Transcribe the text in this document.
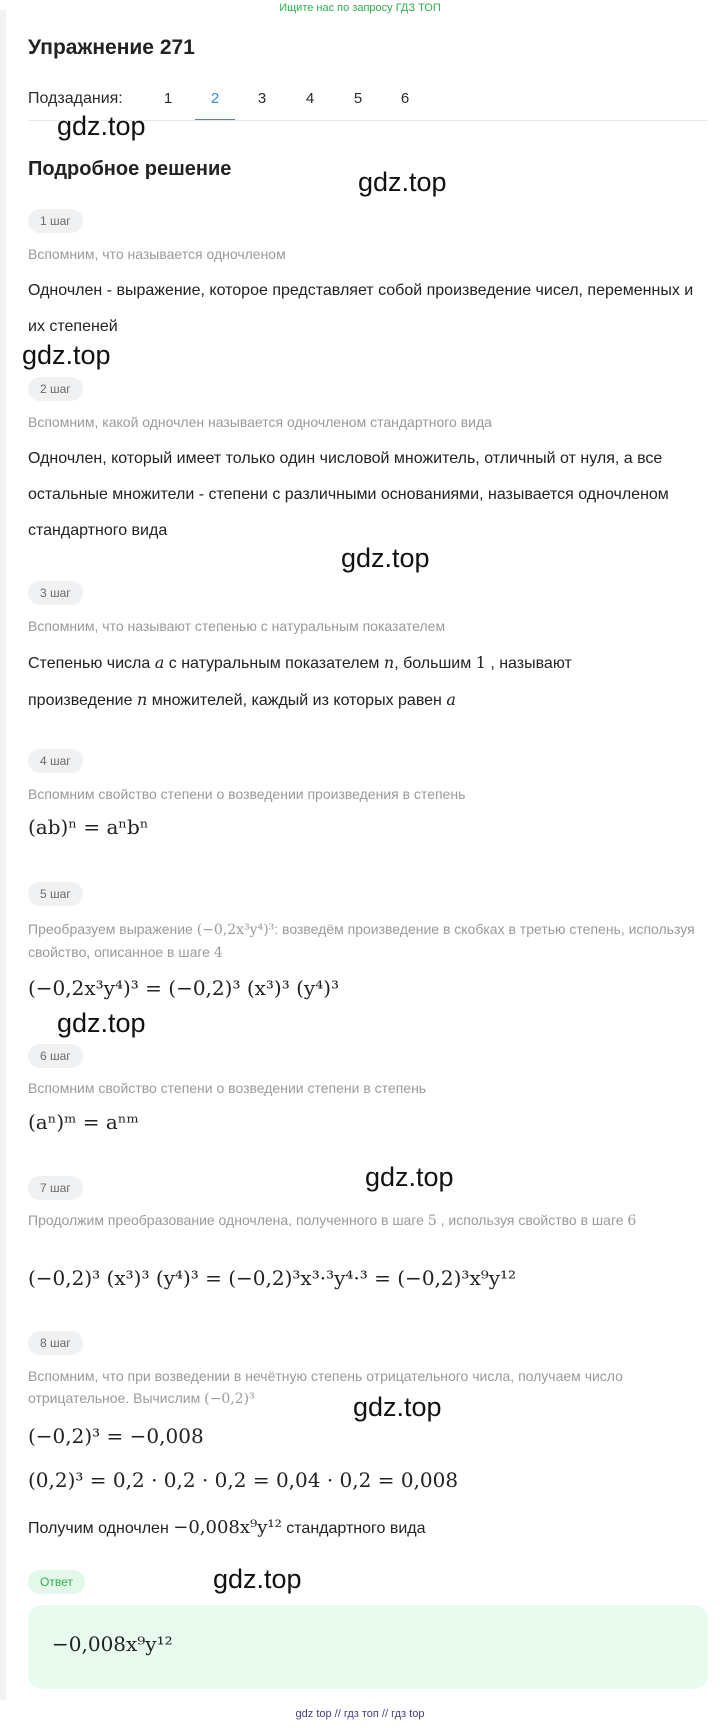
Ищите нас по запросу ГДЗ ТОП
Упражнение 271
Подзадания:	1	2	3	4	5	6
gdz.top
Подробное решение	gdz.top
1 шаг
Вспомним, что называется одночленом
Одночлен - выражение, которое представляет собой произведение чисел, переменных и их степеней
gdz.top
2 шаг
Вспомним, какой одночлен называется одночленом стандартного вида
Одночлен, который имеет только один числовой множитель, отличный от нуля, а все остальные множители - степени с различными основаниями, называется одночленом стандартного вида
gdz.top
3 шаг
Вспомним, что называют степенью с натуральным показателем
Степенью числа a с натуральным показателем n, большим 1 , называют
произведение n множителей, каждый из которых равен a
4 шаг
Вспомним свойство степени о возведении произведения в степень
(ab)ⁿ = aⁿbⁿ
5 шаг
Преобразуем выражение (−0,2x³y⁴)³: возведём произведение в скобках в третью степень, используя свойство, описанное в шаге 4
(−0,2x³y⁴)³ = (−0,2)³ (x³)³ (y⁴)³
gdz.top
6 шаг
Вспомним свойство степени о возведении степени в степень
(aⁿ)ᵐ = aⁿᵐ
gdz.top
7 шаг
Продолжим преобразование одночлена, полученного в шаге 5 , используя свойство в шаге 6
(−0,2)³ (x³)³ (y⁴)³ = (−0,2)³x³·³y⁴·³ = (−0,2)³x⁹y¹²
8 шаг
Вспомним, что при возведении в нечётную степень отрицательного числа, получаем число отрицательное. Вычислим (−0,2)³	gdz.top
(−0,2)³ = −0,008
(0,2)³ = 0,2 · 0,2 · 0,2 = 0,04 · 0,2 = 0,008
Получим одночлен −0,008x⁹y¹² стандартного вида
Ответ	gdz.top
−0,008x⁹y¹²
gdz top // гдз топ // гдз top
